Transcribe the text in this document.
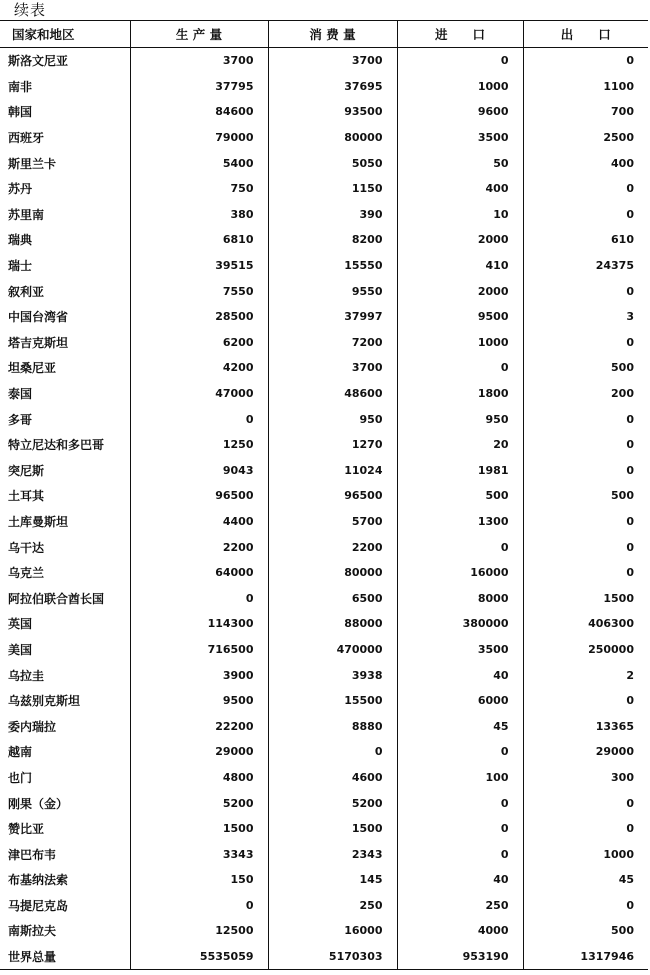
续表
国家和地区	生 产 量	消 费 量	进　　口	出　　口
斯洛文尼亚	3700	3700	0	0
南非	37795	37695	1000	1100
韩国	84600	93500	9600	700
西班牙	79000	80000	3500	2500
斯里兰卡	5400	5050	50	400
苏丹	750	1150	400	0
苏里南	380	390	10	0
瑞典	6810	8200	2000	610
瑞士	39515	15550	410	24375
叙利亚	7550	9550	2000	0
中国台湾省	28500	37997	9500	3
塔吉克斯坦	6200	7200	1000	0
坦桑尼亚	4200	3700	0	500
泰国	47000	48600	1800	200
多哥	0	950	950	0
特立尼达和多巴哥	1250	1270	20	0
突尼斯	9043	11024	1981	0
土耳其	96500	96500	500	500
土库曼斯坦	4400	5700	1300	0
乌干达	2200	2200	0	0
乌克兰	64000	80000	16000	0
阿拉伯联合酋长国	0	6500	8000	1500
英国	114300	88000	380000	406300
美国	716500	470000	3500	250000
乌拉圭	3900	3938	40	2
乌兹别克斯坦	9500	15500	6000	0
委内瑞拉	22200	8880	45	13365
越南	29000	0	0	29000
也门	4800	4600	100	300
刚果（金）	5200	5200	0	0
赞比亚	1500	1500	0	0
津巴布韦	3343	2343	0	1000
布基纳法索	150	145	40	45
马提尼克岛	0	250	250	0
南斯拉夫	12500	16000	4000	500
世界总量	5535059	5170303	953190	1317946
